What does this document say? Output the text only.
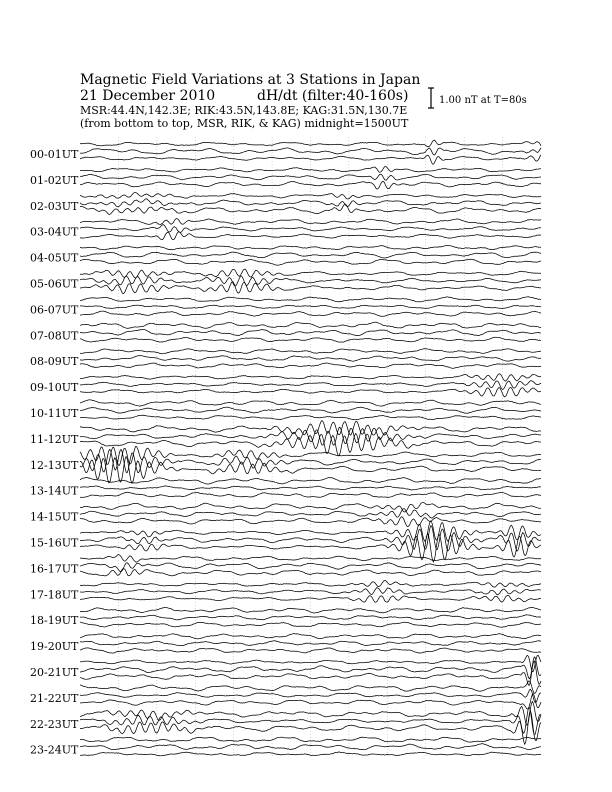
Magnetic Field Variations at 3 Stations in Japan
21 December 2010	dH/dt (filter:40-160s)
MSR:44.4N,142.3E; RIK:43.5N,143.8E; KAG:31.5N,130.7E
(from bottom to top, MSR, RIK, & KAG) midnight=1500UT
1.00 nT at T=80s
00-01UT
01-02UT
02-03UT
03-04UT
04-05UT
05-06UT
06-07UT
07-08UT
08-09UT
09-10UT
10-11UT
11-12UT
12-13UT
13-14UT
14-15UT
15-16UT
16-17UT
17-18UT
18-19UT
19-20UT
20-21UT
21-22UT
22-23UT
23-24UT
